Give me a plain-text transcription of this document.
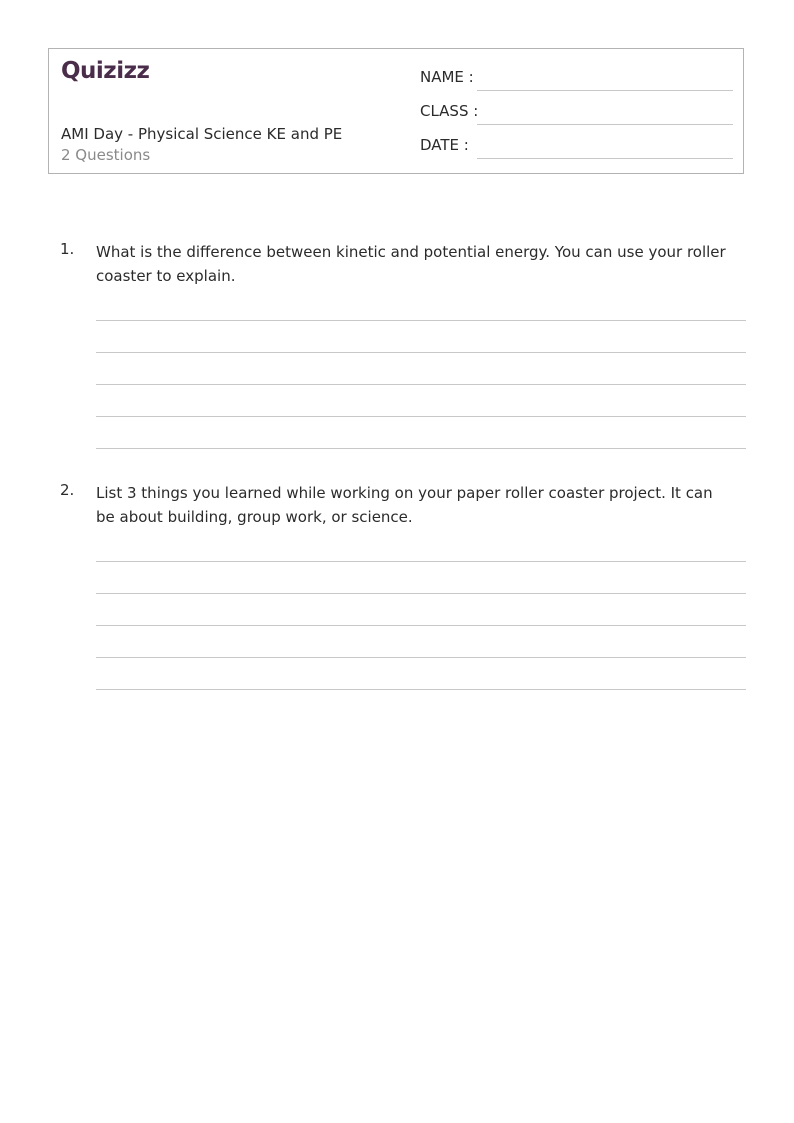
Quizizz
AMI Day - Physical Science KE and PE
2 Questions
NAME :
CLASS :
DATE :
1. What is the difference between kinetic and potential energy. You can use your roller coaster to explain.
2. List 3 things you learned while working on your paper roller coaster project. It can be about building, group work, or science.
